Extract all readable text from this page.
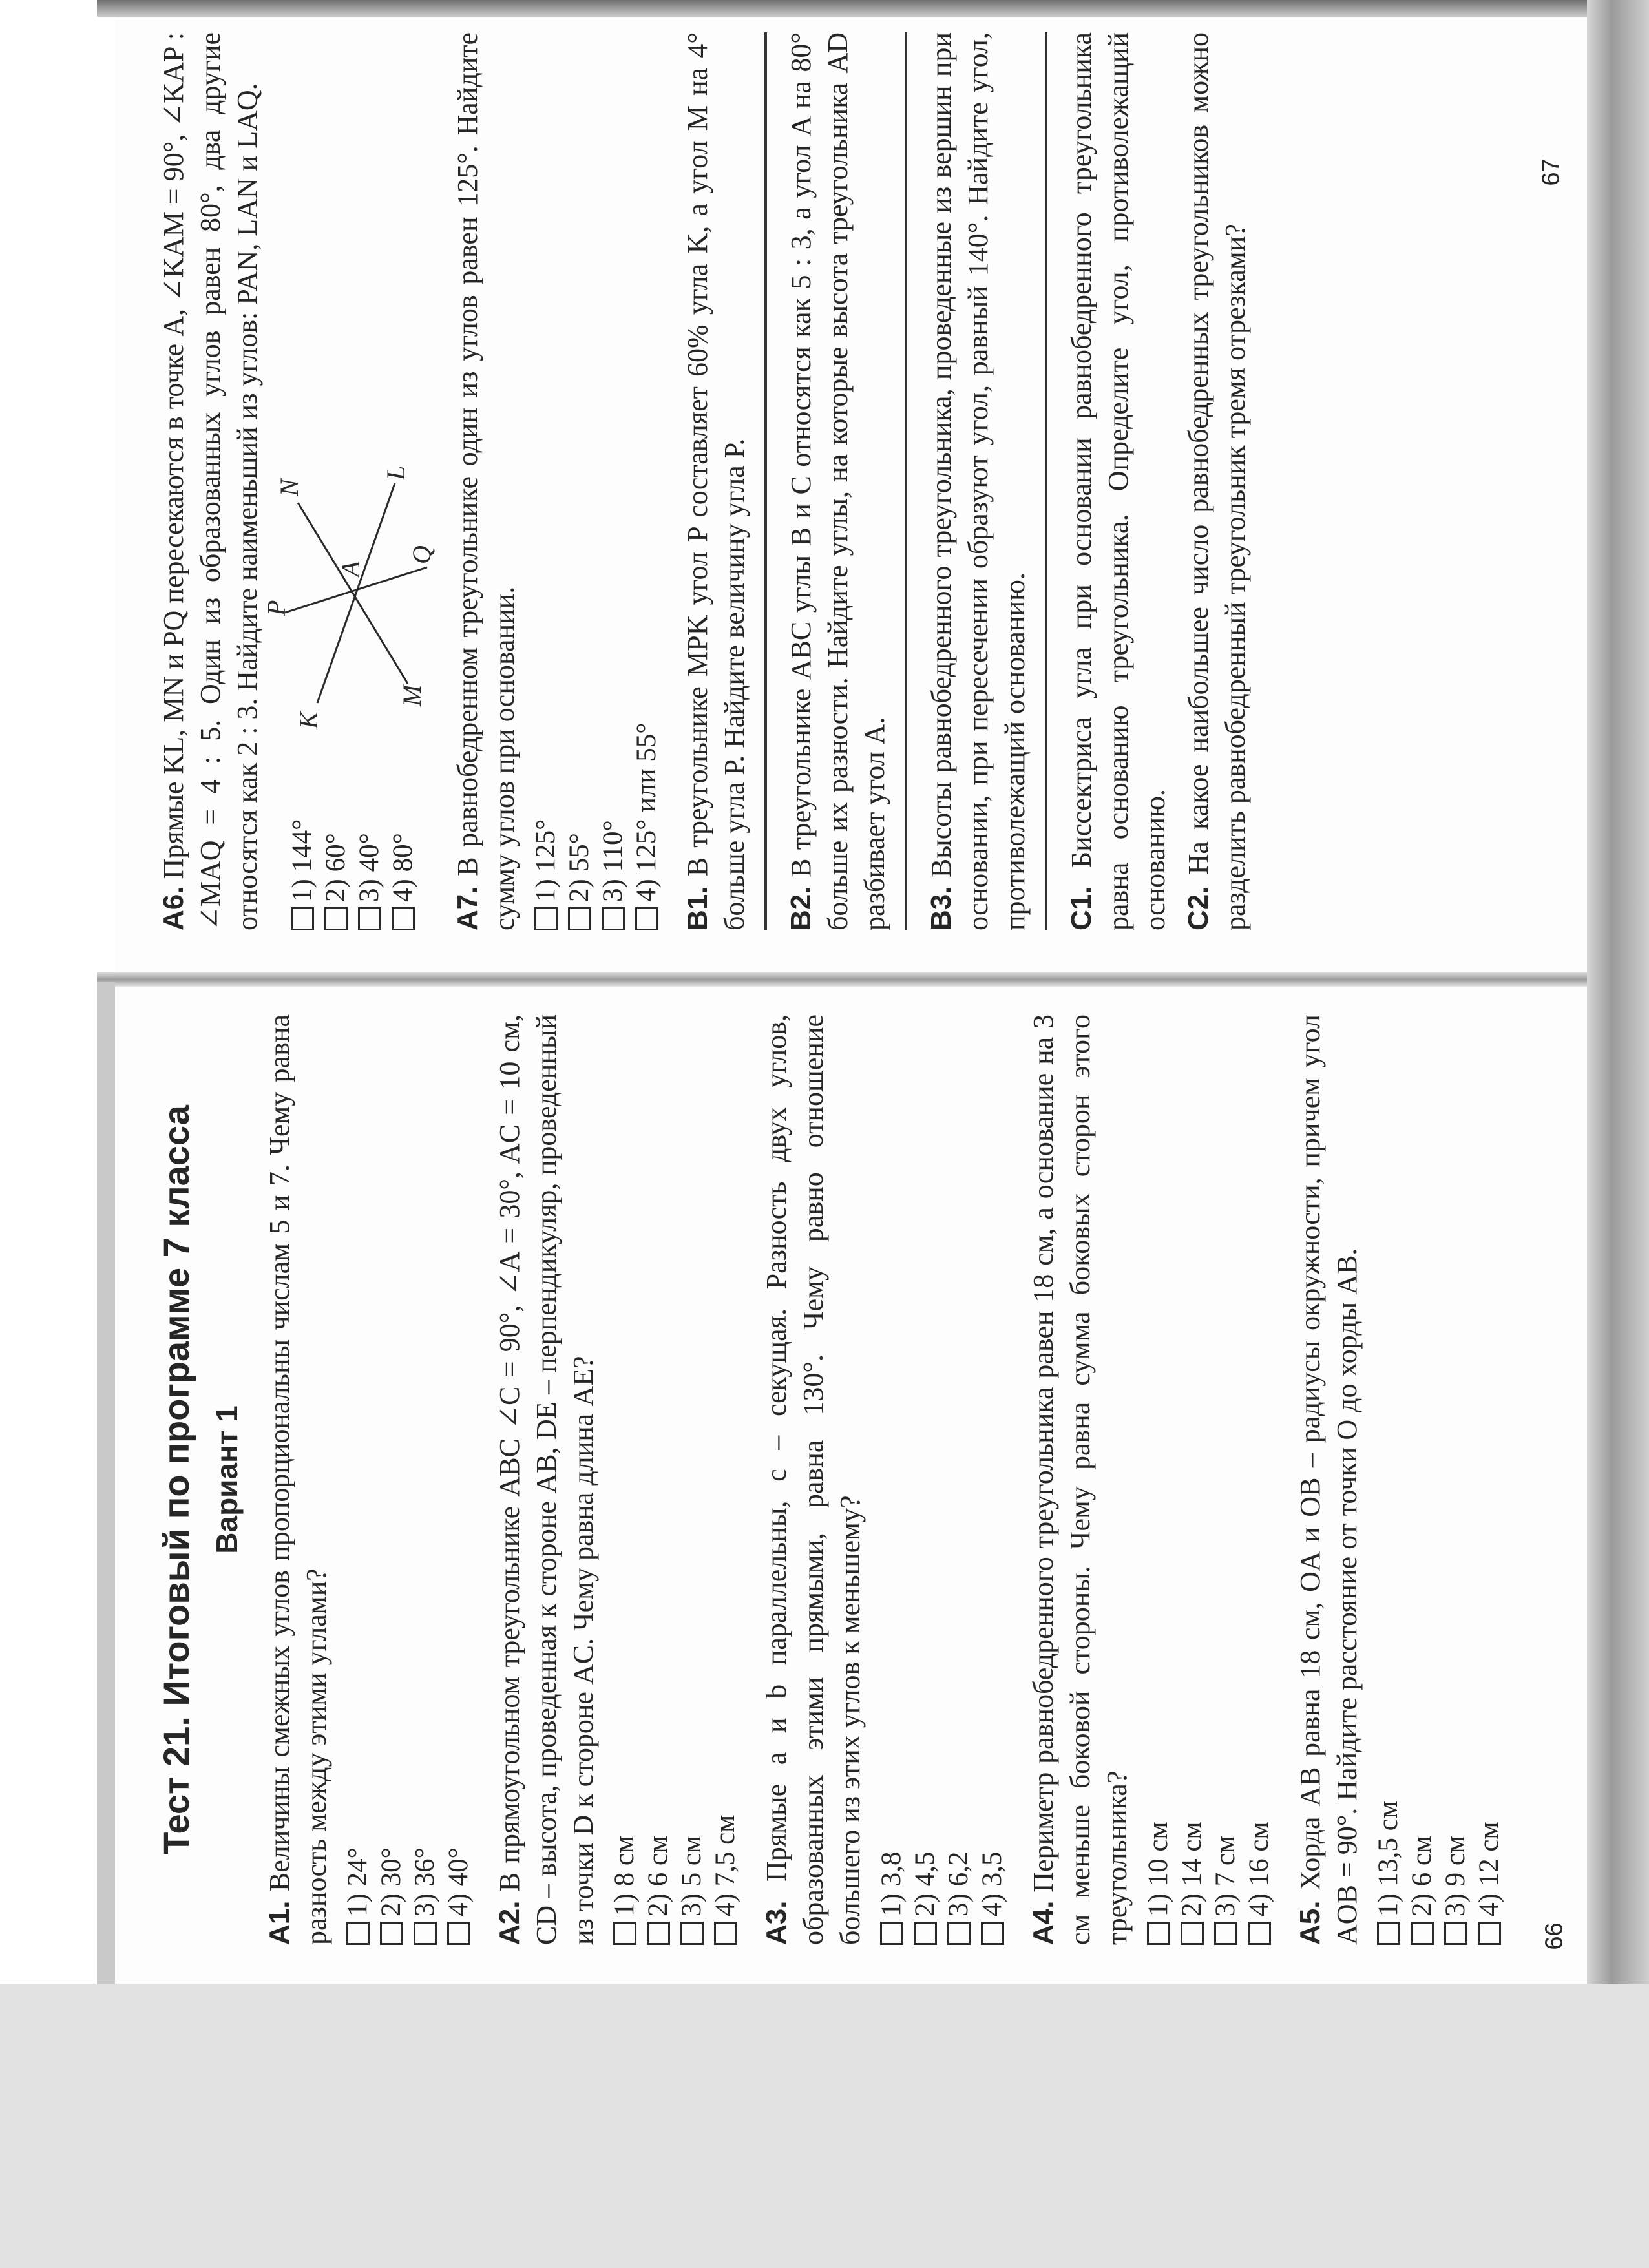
A6. Прямые KL, MN и PQ пересекаются в точке A, ∠KAM = 90°, ∠KAP : ∠MAQ = 4 : 5. Один из образованных углов равен 80°, два другие относятся как 2 : 3. Найдите наименьший из углов: PAN, LAN и LAQ. 1) 144° 2) 60° 3) 40° 4) 80°
K
P
N
A
M
L
Q

A7. В равнобедренном треугольнике один из углов равен 125°. Найдите сумму углов при основании. 1) 125° 2) 55° 3) 110° 4) 125° или 55°

B1. В треугольнике MPK угол P составляет 60% угла K, а угол M на 4° больше угла P. Найдите величину угла P. B2. В треугольнике ABC углы B и C относятся как 5 : 3, а угол A на 80° больше их разности. Найдите углы, на которые высота треугольника AD разбивает угол A. B3. Высоты равнобедренного треугольника, проведенные из вершин при основании, при пересечении образуют угол, равный 140°. Найдите угол, противолежащий основанию. C1. Биссектриса угла при основании равнобедренного треугольника равна основанию треугольника. Определите угол, противолежащий основанию. C2. На какое наибольшее число равнобедренных треугольников можно разделить равнобедренный треугольник тремя отрезками?

67
Тест 21. Итоговый по программе 7 класса Вариант 1

A1. Величины смежных углов пропорциональны числам 5 и 7. Чему равна разность между этими углами? 1) 24° 2) 30° 3) 36° 4) 40°

A2. В прямоугольном треугольнике ABC ∠C = 90°, ∠A = 30°, AC = 10 см, CD – высота, проведенная к стороне AB, DE – перпендикуляр, проведенный из точки D к стороне AC. Чему равна длина AE? 1) 8 см 2) 6 см 3) 5 см 4) 7,5 см

A3. Прямые a и b параллельны, c – секущая. Разность двух углов, образованных этими прямыми, равна 130°. Чему равно отношение большего из этих углов к меньшему? 1) 3,8 2) 4,5 3) 6,2 4) 3,5

A4. Периметр равнобедренного треугольника равен 18 см, а основание на 3 см меньше боковой стороны. Чему равна сумма боковых сторон этого треугольника? 1) 10 см 2) 14 см 3) 7 см 4) 16 см

A5. Хорда AB равна 18 см, OA и OB – радиусы окружности, причем угол AOB = 90°. Найдите расстояние от точки O до хорды AB. 1) 13,5 см 2) 6 см 3) 9 см 4) 12 см
66
